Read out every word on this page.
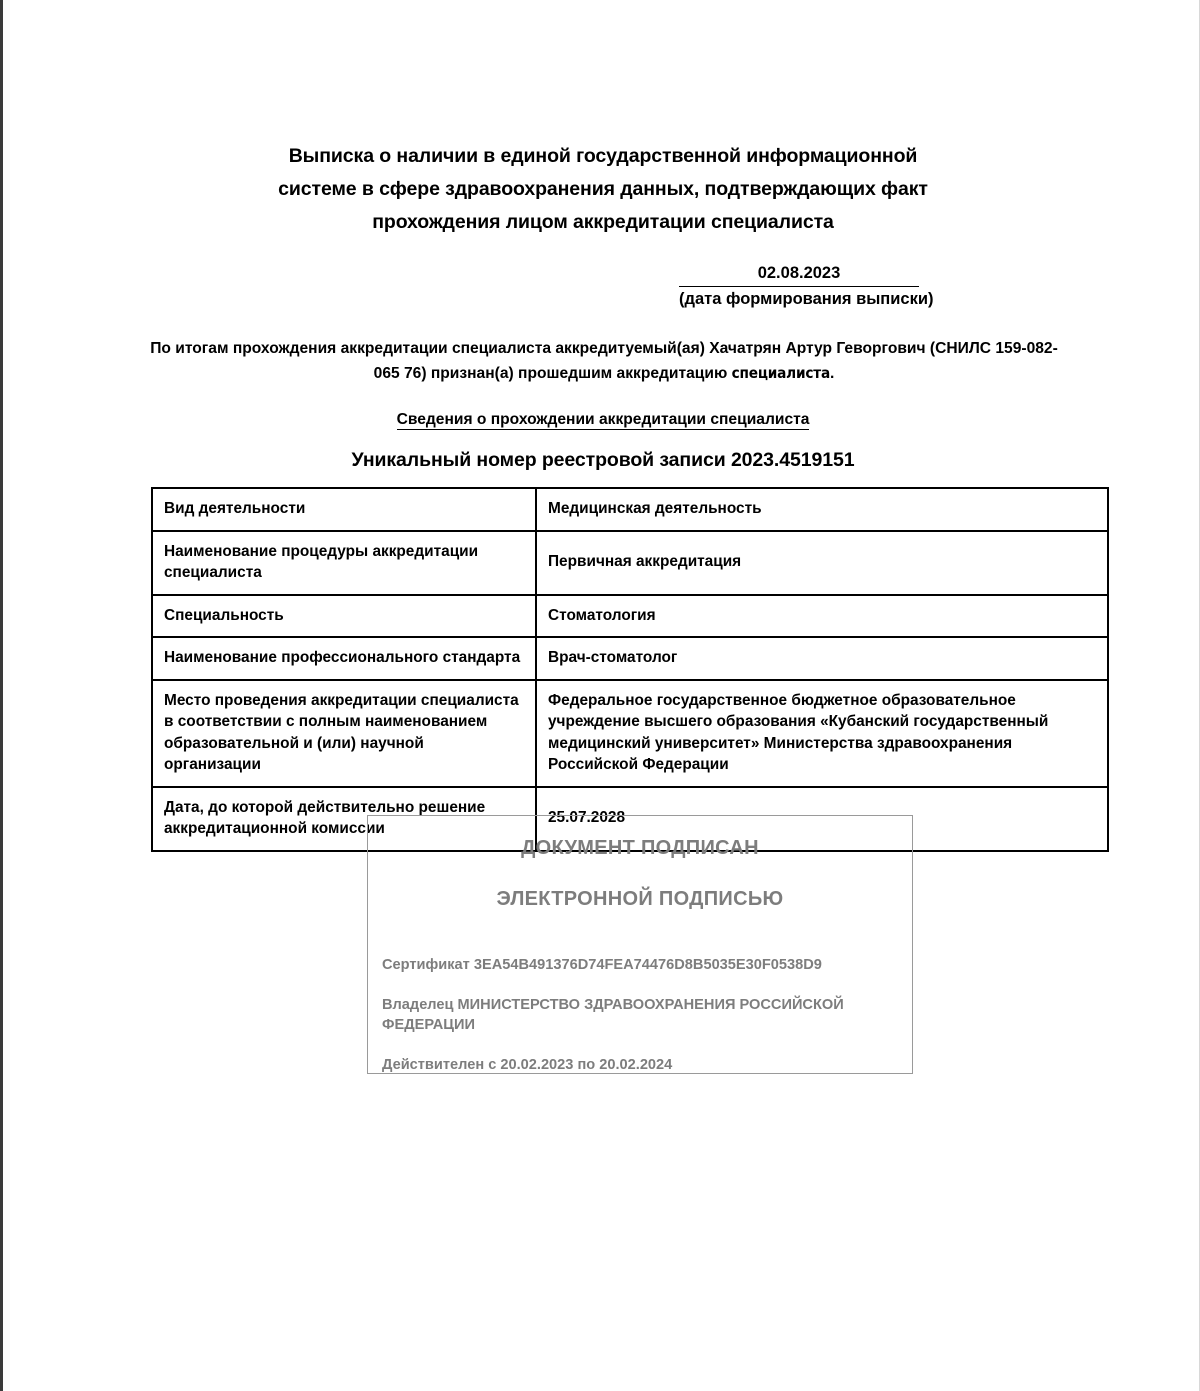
Выписка о наличии в единой государственной информационной
системе в сфере здравоохранения данных, подтверждающих факт
прохождения лицом аккредитации специалиста
02.08.2023
(дата формирования выписки)
По итогам прохождения аккредитации специалиста аккредитуемый(ая) Хачатрян Артур Геворгович (СНИЛС 159-082-065 76) признан(а) прошедшим аккредитацию специалиста.
Сведения о прохождении аккредитации специалиста
Уникальный номер реестровой записи 2023.4519151
Вид деятельности	Медицинская деятельность
Наименование процедуры аккредитации специалиста	Первичная аккредитация
Специальность	Стоматология
Наименование профессионального стандарта	Врач-стоматолог
Место проведения аккредитации специалиста в соответствии с полным наименованием образовательной и (или) научной организации	Федеральное государственное бюджетное образовательное учреждение высшего образования «Кубанский государственный медицинский университет» Министерства здравоохранения Российской Федерации
Дата, до которой действительно решение аккредитационной комиссии	25.07.2028
ДОКУМЕНТ ПОДПИСАН
ЭЛЕКТРОННОЙ ПОДПИСЬЮ
Сертификат 3EA54B491376D74FEA74476D8B5035E30F0538D9
Владелец МИНИСТЕРСТВО ЗДРАВООХРАНЕНИЯ РОССИЙСКОЙ ФЕДЕРАЦИИ
Действителен с 20.02.2023 по 20.02.2024
